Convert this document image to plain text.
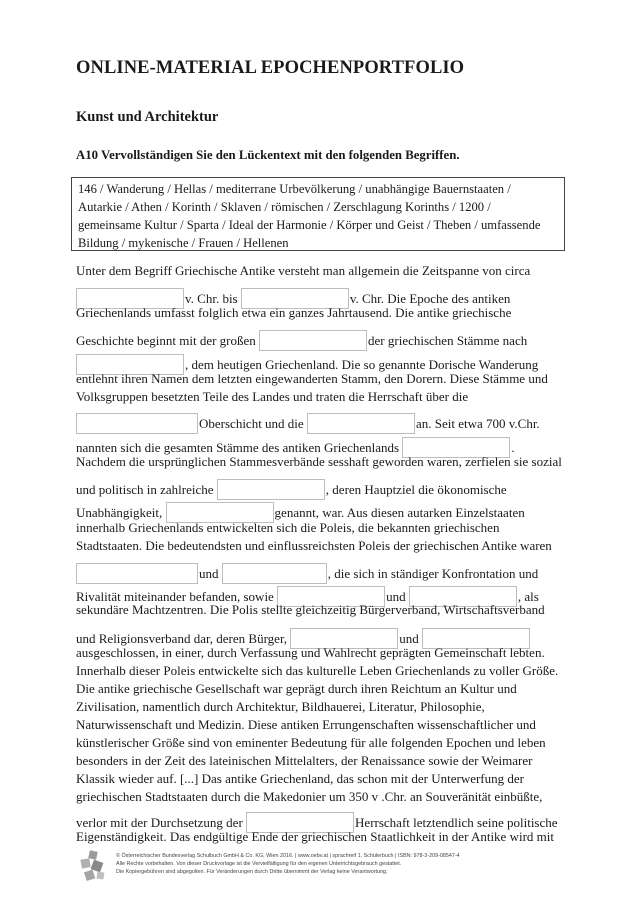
ONLINE-MATERIAL EPOCHENPORTFOLIO
Kunst und Architektur
A10 Vervollständigen Sie den Lückentext mit den folgenden Begriffen.
146 / Wanderung / Hellas / mediterrane Urbevölkerung / unabhängige Bauernstaaten /
Autarkie / Athen / Korinth / Sklaven / römischen / Zerschlagung Korinths / 1200 /
gemeinsame Kultur / Sparta / Ideal der Harmonie / Körper und Geist / Theben / umfassende
Bildung / mykenische / Frauen / Hellenen
Unter dem Begriff Griechische Antike versteht man allgemein die Zeitspanne von circa
v. Chr. bis	v. Chr. Die Epoche des antiken
Griechenlands umfasst folglich etwa ein ganzes Jahrtausend. Die antike griechische
Geschichte beginnt mit der großen	der griechischen Stämme nach
, dem heutigen Griechenland. Die so genannte Dorische Wanderung
entlehnt ihren Namen dem letzten eingewanderten Stamm, den Dorern. Diese Stämme und
Volksgruppen besetzten Teile des Landes und traten die Herrschaft über die
Oberschicht und die	an. Seit etwa 700 v.Chr.
nannten sich die gesamten Stämme des antiken Griechenlands	.
Nachdem die ursprünglichen Stammesverbände sesshaft geworden waren, zerfielen sie sozial
und politisch in zahlreiche	, deren Hauptziel die ökonomische
Unabhängigkeit,	genannt, war. Aus diesen autarken Einzelstaaten
innerhalb Griechenlands entwickelten sich die Poleis, die bekannten griechischen
Stadtstaaten. Die bedeutendsten und einflussreichsten Poleis der griechischen Antike waren
und	, die sich in ständiger Konfrontation und
Rivalität miteinander befanden, sowie	und	, als
sekundäre Machtzentren. Die Polis stellte gleichzeitig Bürgerverband, Wirtschaftsverband
und Religionsverband dar, deren Bürger,	und
ausgeschlossen, in einer, durch Verfassung und Wahlrecht geprägten Gemeinschaft lebten.
Innerhalb dieser Poleis entwickelte sich das kulturelle Leben Griechenlands zu voller Größe.
Die antike griechische Gesellschaft war geprägt durch ihren Reichtum an Kultur und
Zivilisation, namentlich durch Architektur, Bildhauerei, Literatur, Philosophie,
Naturwissenschaft und Medizin. Diese antiken Errungenschaften wissenschaftlicher und
künstlerischer Größe sind von eminenter Bedeutung für alle folgenden Epochen und leben
besonders in der Zeit des lateinischen Mittelalters, der Renaissance sowie der Weimarer
Klassik wieder auf. [...] Das antike Griechenland, das schon mit der Unterwerfung der
griechischen Stadtstaaten durch die Makedonier um 350 v .Chr. an Souveränität einbüßte,
verlor mit der Durchsetzung der	Herrschaft letztendlich seine politische
Eigenständigkeit. Das endgültige Ende der griechischen Staatlichkeit in der Antike wird mit
© Österreichischer Bundesverlag Schulbuch GmbH & Co. KG, Wien 2016. | www.oebv.at | sprachreif 1, Schülerbuch | ISBN: 978-3-209-08547-4
Alle Rechte vorbehalten. Von dieser Druckvorlage ist die Vervielfältigung für den eigenen Unterrichtsgebrauch gestattet.
Die Kopiergebühren sind abgegolten. Für Veränderungen durch Dritte übernimmt der Verlag keine Verantwortung.
